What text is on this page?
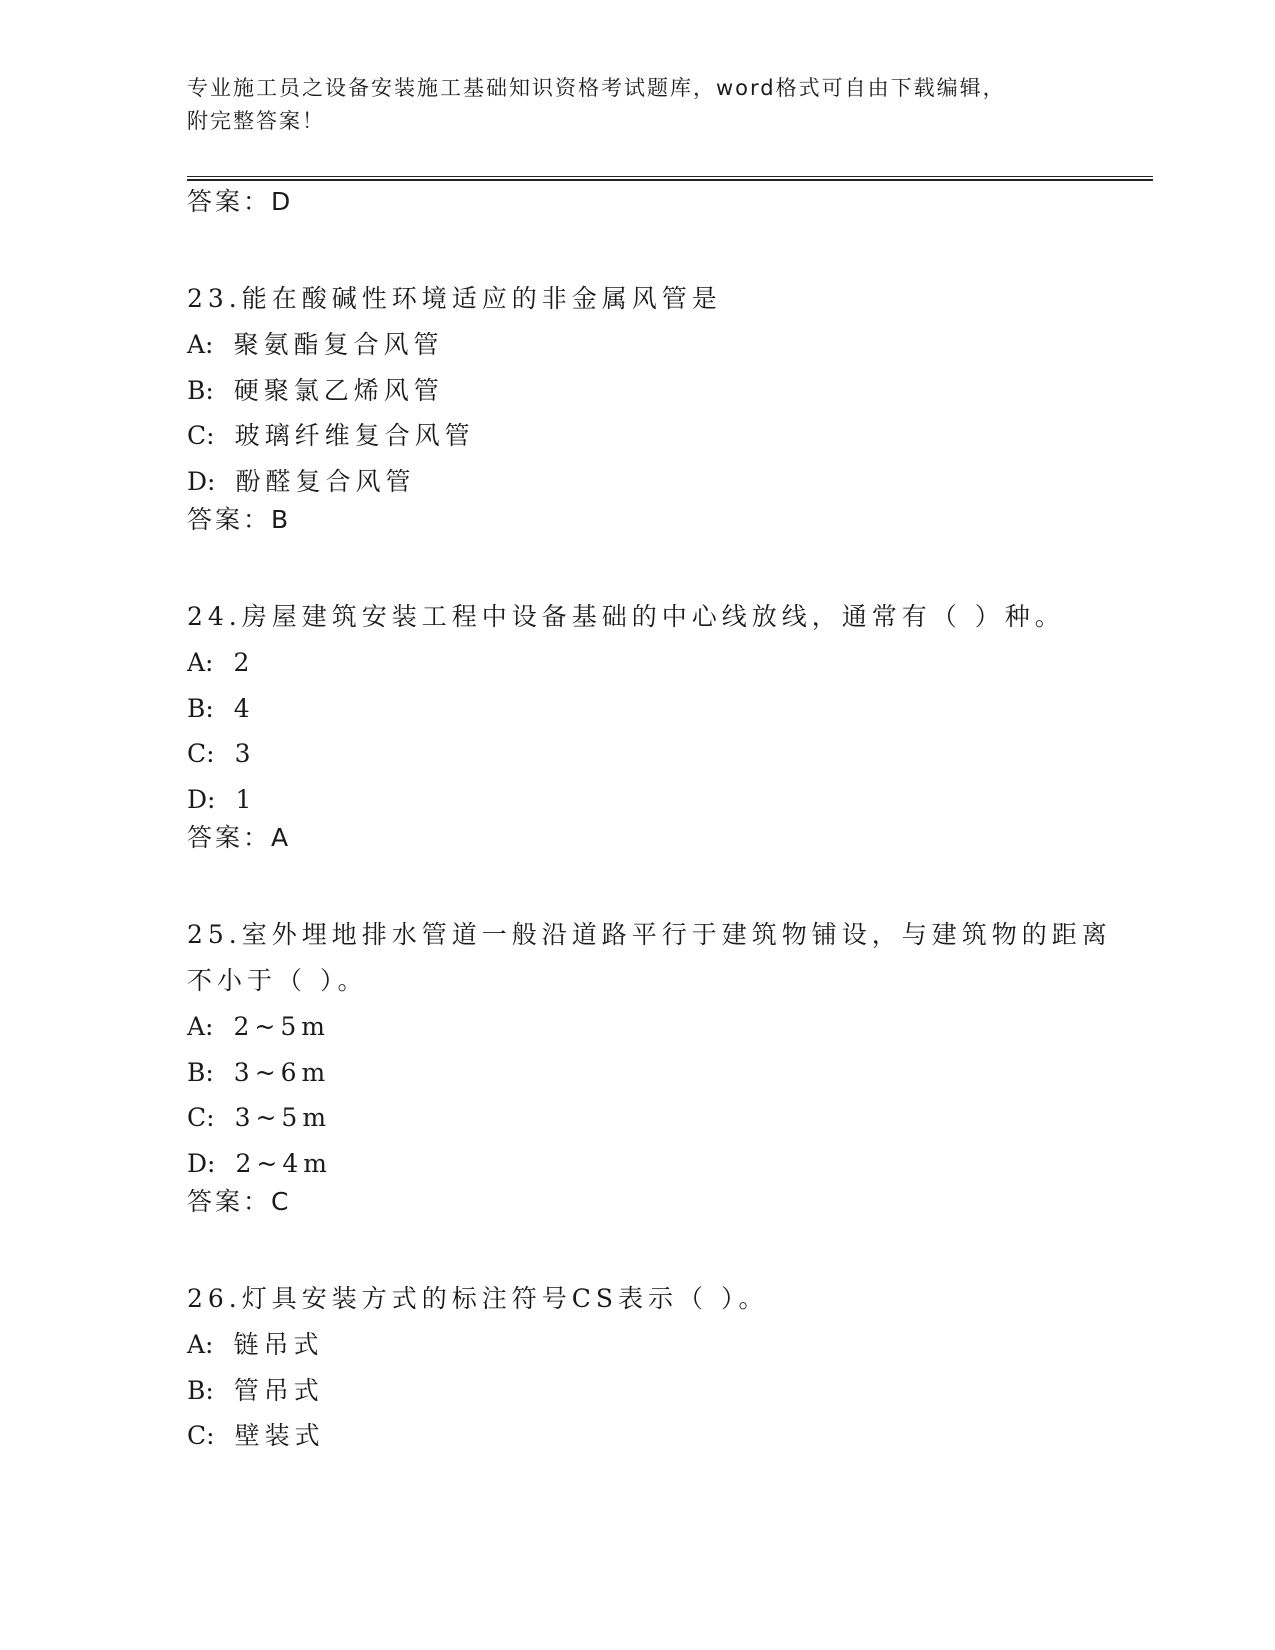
专业施工员之设备安装施工基础知识资格考试题库，word格式可自由下载编辑，
附完整答案！
答案：D
23.能在酸碱性环境适应的非金属风管是
A: 聚氨酯复合风管
B: 硬聚氯乙烯风管
C: 玻璃纤维复合风管
D: 酚醛复合风管
答案：B
24.房屋建筑安装工程中设备基础的中心线放线，通常有（ ）种。
A: 2
B: 4
C: 3
D: 1
答案：A
25.室外埋地排水管道一般沿道路平行于建筑物铺设，与建筑物的距离
不小于（ ）。
A: 2~5m
B: 3~6m
C: 3~5m
D: 2~4m
答案：C
26.灯具安装方式的标注符号CS表示（ ）。
A: 链吊式
B: 管吊式
C: 壁装式
